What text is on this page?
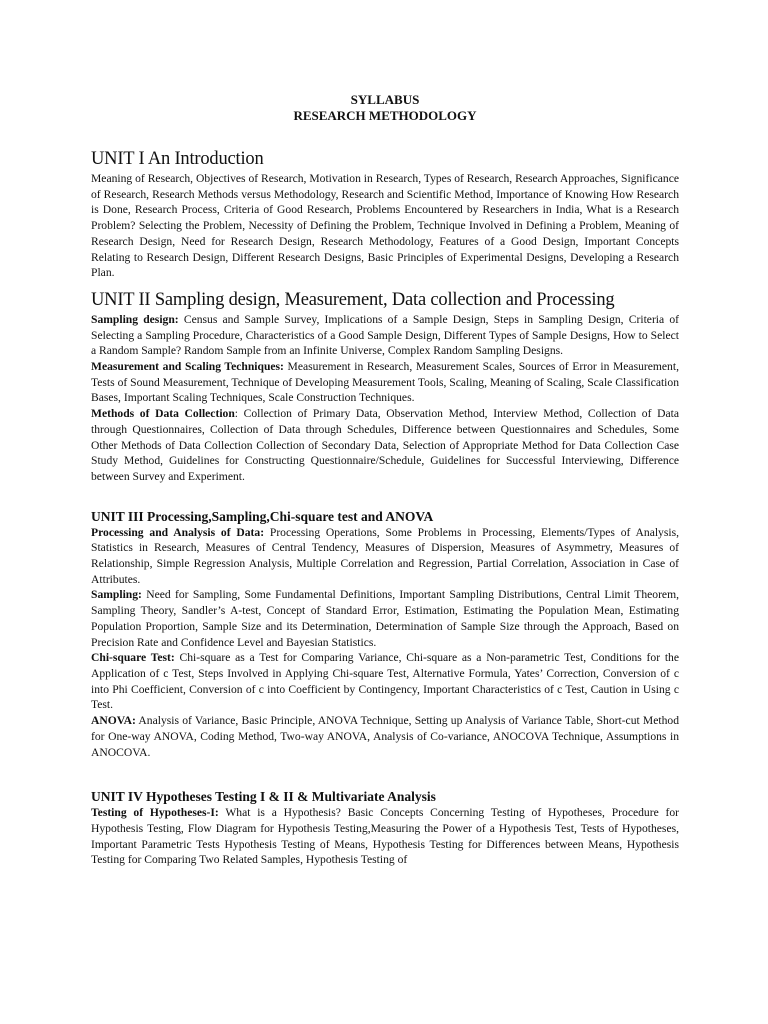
SYLLABUS
RESEARCH METHODOLOGY
UNIT I An Introduction

Meaning of Research, Objectives of Research, Motivation in Research, Types of Research, Research Approaches, Significance of Research, Research Methods versus Methodology, Research and Scientific Method, Importance of Knowing How Research is Done, Research Process, Criteria of Good Research, Problems Encountered by Researchers in India, What is a Research Problem? Selecting the Problem, Necessity of Defining the Problem, Technique Involved in Defining a Problem, Meaning of Research Design, Need for Research Design, Research Methodology, Features of a Good Design, Important Concepts Relating to Research Design, Different Research Designs, Basic Principles of Experimental Designs, Developing a Research Plan.

UNIT II Sampling design, Measurement, Data collection and Processing

Sampling design: Census and Sample Survey, Implications of a Sample Design, Steps in Sampling Design, Criteria of Selecting a Sampling Procedure, Characteristics of a Good Sample Design, Different Types of Sample Designs, How to Select a Random Sample? Random Sample from an Infinite Universe, Complex Random Sampling Designs.

Measurement and Scaling Techniques: Measurement in Research, Measurement Scales, Sources of Error in Measurement, Tests of Sound Measurement, Technique of Developing Measurement Tools, Scaling, Meaning of Scaling, Scale Classification Bases, Important Scaling Techniques, Scale Construction Techniques.

Methods of Data Collection: Collection of Primary Data, Observation Method, Interview Method, Collection of Data through Questionnaires, Collection of Data through Schedules, Difference between Questionnaires and Schedules, Some Other Methods of Data Collection Collection of Secondary Data, Selection of Appropriate Method for Data Collection Case Study Method, Guidelines for Constructing Questionnaire/Schedule, Guidelines for Successful Interviewing, Difference between Survey and Experiment.

UNIT III Processing,Sampling,Chi-square test and ANOVA

Processing and Analysis of Data: Processing Operations, Some Problems in Processing, Elements/Types of Analysis, Statistics in Research, Measures of Central Tendency, Measures of Dispersion, Measures of Asymmetry, Measures of Relationship, Simple Regression Analysis, Multiple Correlation and Regression, Partial Correlation, Association in Case of Attributes.

Sampling: Need for Sampling, Some Fundamental Definitions, Important Sampling Distributions, Central Limit Theorem, Sampling Theory, Sandler’s A-test, Concept of Standard Error, Estimation, Estimating the Population Mean, Estimating Population Proportion, Sample Size and its Determination, Determination of Sample Size through the Approach, Based on Precision Rate and Confidence Level and Bayesian Statistics.

Chi-square Test: Chi-square as a Test for Comparing Variance, Chi-square as a Non-parametric Test, Conditions for the Application of c Test, Steps Involved in Applying Chi-square Test, Alternative Formula, Yates’ Correction, Conversion of c into Phi Coefficient, Conversion of c into Coefficient by Contingency, Important Characteristics of c Test, Caution in Using c Test.

ANOVA: Analysis of Variance, Basic Principle, ANOVA Technique, Setting up Analysis of Variance Table, Short-cut Method for One-way ANOVA, Coding Method, Two-way ANOVA, Analysis of Co-variance, ANOCOVA Technique, Assumptions in ANOCOVA.

UNIT IV Hypotheses Testing I & II & Multivariate Analysis

Testing of Hypotheses-I: What is a Hypothesis? Basic Concepts Concerning Testing of Hypotheses, Procedure for Hypothesis Testing, Flow Diagram for Hypothesis Testing,Measuring the Power of a Hypothesis Test, Tests of Hypotheses, Important Parametric Tests Hypothesis Testing of Means, Hypothesis Testing for Differences between Means, Hypothesis Testing for Comparing Two Related Samples, Hypothesis Testing of
